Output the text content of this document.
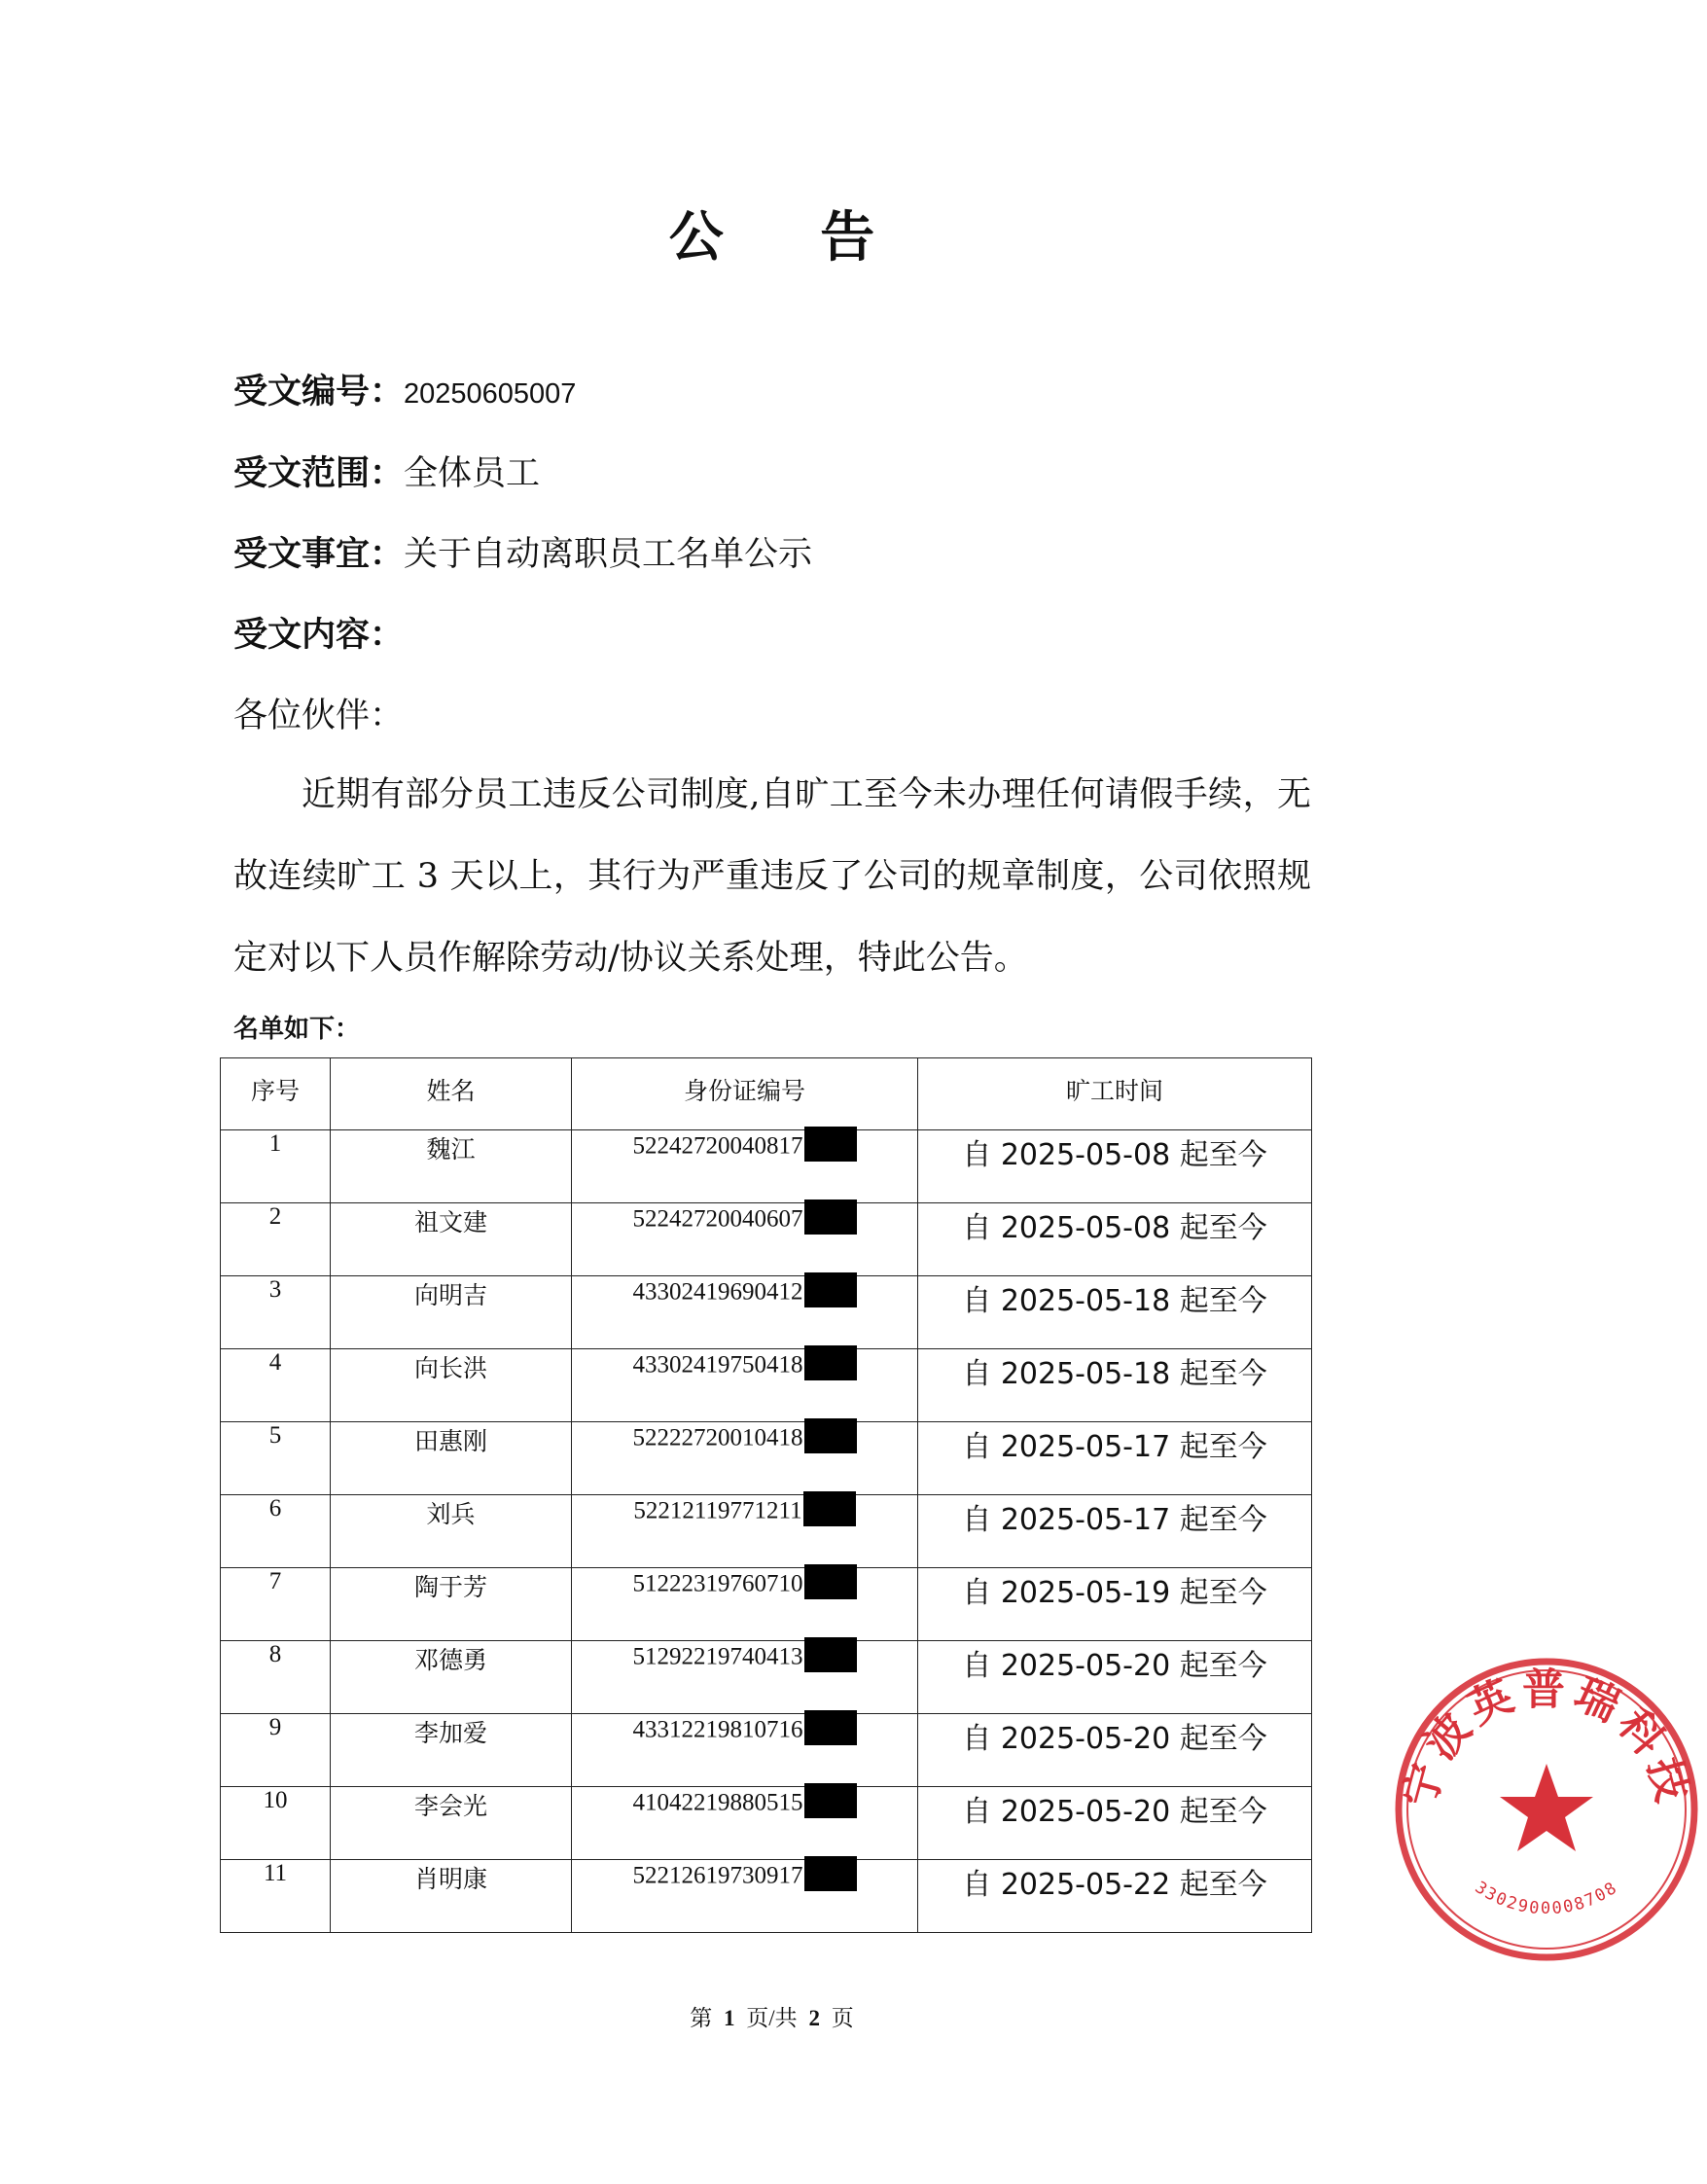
公 告
受文编号：20250605007
受文范围：全体员工
受文事宜：关于自动离职员工名单公示
受文内容：
各位伙伴：
近期有部分员工违反公司制度,自旷工至今未办理任何请假手续，无故连续旷工 3 天以上，其行为严重违反了公司的规章制度，公司依照规定对以下人员作解除劳动/协议关系处理，特此公告。
名单如下：
序号	姓名	身份证编号	旷工时间
1	魏江	52242720040817	自 2025-05-08 起至今
2	祖文建	52242720040607	自 2025-05-08 起至今
3	向明吉	43302419690412	自 2025-05-18 起至今
4	向长洪	43302419750418	自 2025-05-18 起至今
5	田惠刚	52222720010418	自 2025-05-17 起至今
6	刘兵	52212119771211	自 2025-05-17 起至今
7	陶于芳	51222319760710	自 2025-05-19 起至今
8	邓德勇	51292219740413	自 2025-05-20 起至今
9	李加爱	43312219810716	自 2025-05-20 起至今
10	李会光	41042219880515	自 2025-05-20 起至今
11	肖明康	52212619730917	自 2025-05-22 起至今
第 1 页/共 2 页
宁波英普瑞科技
3302900008708
